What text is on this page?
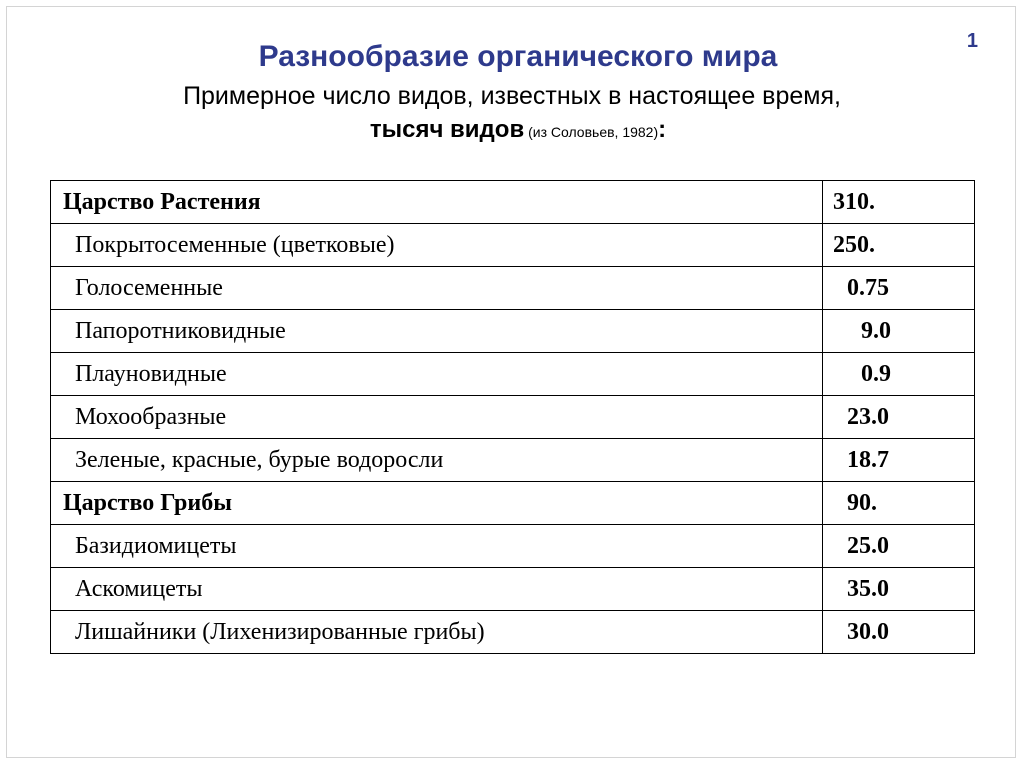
1
Разнообразие органического мира
Примерное число видов, известных в настоящее время,
тысяч видов (из Соловьев, 1982):
Царство Растения	310.
Покрытосеменные (цветковые)	250.
Голосеменные	0.75
Папоротниковидные	9.0
Плауновидные	0.9
Мохообразные	23.0
Зеленые, красные, бурые водоросли	18.7
Царство Грибы	90.
Базидиомицеты	25.0
Аскомицеты	35.0
Лишайники (Лихенизированные грибы)	30.0
